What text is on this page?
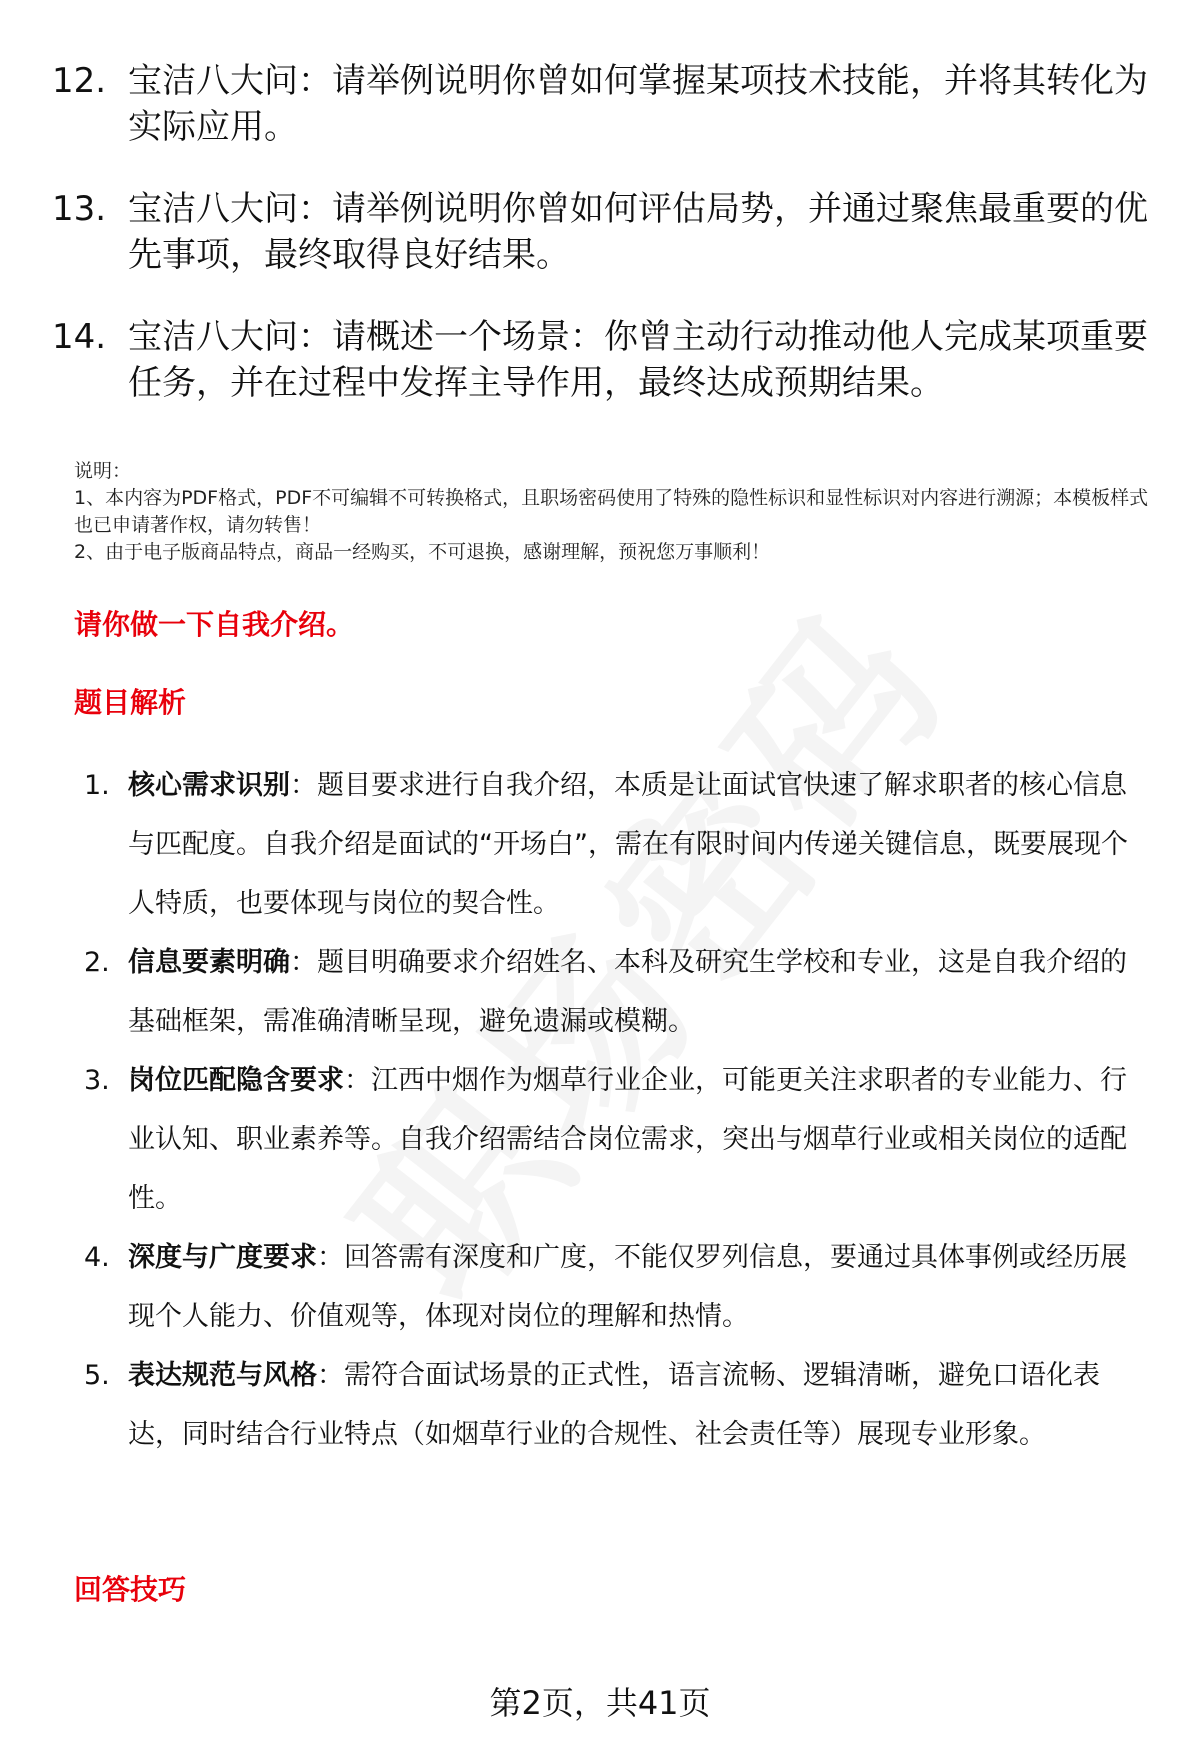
12. 宝洁八大问：请举例说明你曾如何掌握某项技术技能，并将其转化为实际应用。
13. 宝洁八大问：请举例说明你曾如何评估局势，并通过聚焦最重要的优先事项，最终取得良好结果。
14. 宝洁八大问：请概述一个场景：你曾主动行动推动他人完成某项重要任务，并在过程中发挥主导作用，最终达成预期结果。
说明：
1、本内容为PDF格式，PDF不可编辑不可转换格式，且职场密码使用了特殊的隐性标识和显性标识对内容进行溯源；本模板样式也已申请著作权，请勿转售！
2、由于电子版商品特点，商品一经购买，不可退换，感谢理解，预祝您万事顺利！
请你做一下自我介绍。
题目解析
1. 核心需求识别：题目要求进行自我介绍，本质是让面试官快速了解求职者的核心信息与匹配度。自我介绍是面试的“开场白”，需在有限时间内传递关键信息，既要展现个人特质，也要体现与岗位的契合性。
2. 信息要素明确：题目明确要求介绍姓名、本科及研究生学校和专业，这是自我介绍的基础框架，需准确清晰呈现，避免遗漏或模糊。
3. 岗位匹配隐含要求：江西中烟作为烟草行业企业，可能更关注求职者的专业能力、行业认知、职业素养等。自我介绍需结合岗位需求，突出与烟草行业或相关岗位的适配性。
4. 深度与广度要求：回答需有深度和广度，不能仅罗列信息，要通过具体事例或经历展现个人能力、价值观等，体现对岗位的理解和热情。
5. 表达规范与风格：需符合面试场景的正式性，语言流畅、逻辑清晰，避免口语化表达，同时结合行业特点（如烟草行业的合规性、社会责任等）展现专业形象。
回答技巧
第2页，共41页
